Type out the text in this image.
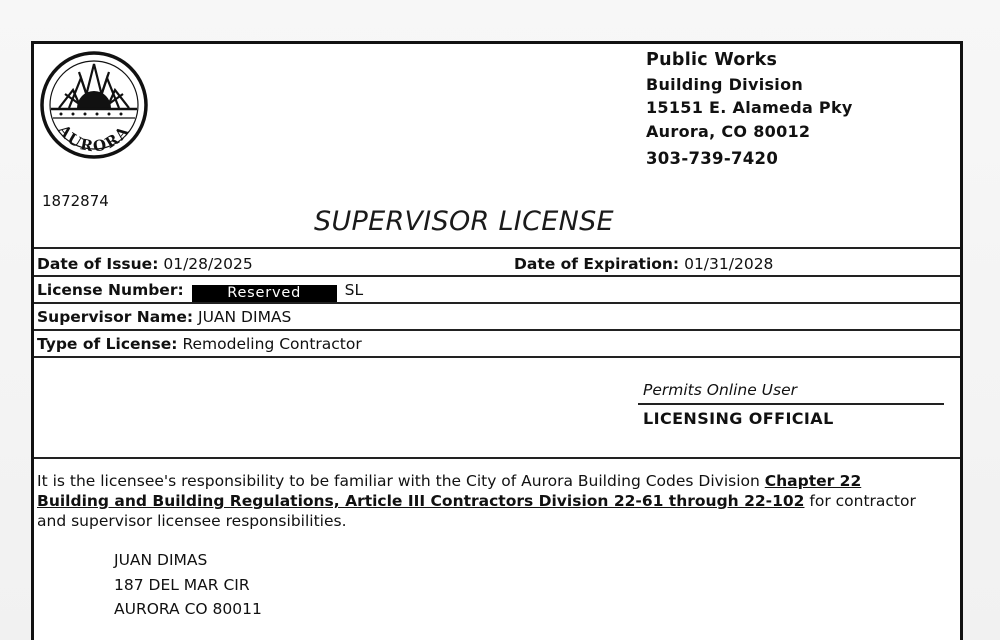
AURORA
1872874
Public Works
Building Division
15151 E. Alameda Pky
Aurora, CO 80012
303-739-7420
SUPERVISOR LICENSE
Date of Issue: 01/28/2025	Date of Expiration: 01/31/2028
License Number:	Reserved	SL
Supervisor Name: JUAN DIMAS
Type of License: Remodeling Contractor
Permits Online User
LICENSING OFFICIAL
It is the licensee's responsibility to be familiar with the City of Aurora Building Codes Division Chapter 22 Building and Building Regulations, Article III Contractors Division 22-61 through 22-102 for contractor and supervisor licensee responsibilities.
JUAN DIMAS
187 DEL MAR CIR
AURORA CO 80011
